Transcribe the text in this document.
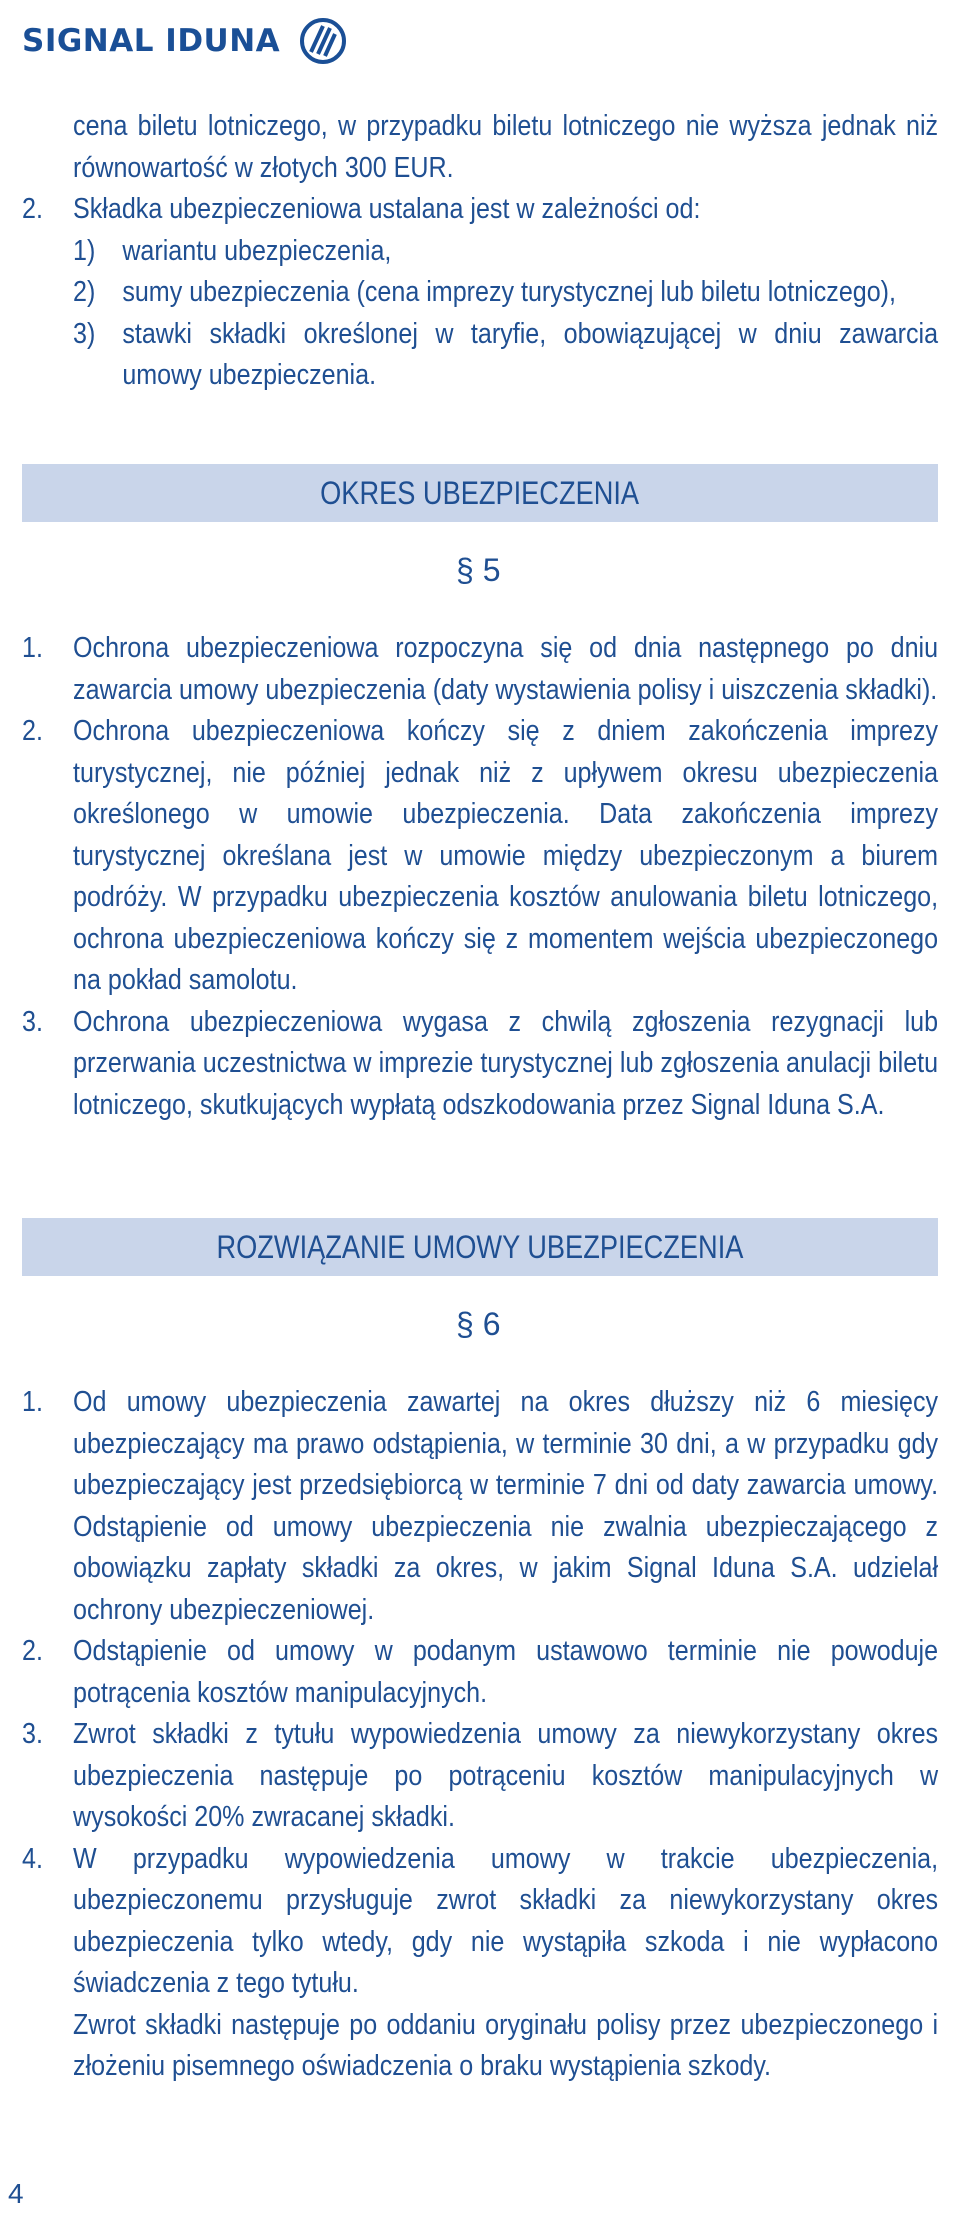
SIGNAL IDUNA
cena biletu lotniczego, w przypadku biletu lotniczego nie wyższa jednak niż równowartość w złotych 300 EUR.
2.	Składka ubezpieczeniowa ustalana jest w zależności od:
1) wariantu ubezpieczenia,
2) sumy ubezpieczenia (cena imprezy turystycznej lub biletu lotniczego),
3) stawki składki określonej w taryfie, obowiązującej w dniu zawarcia umowy ubezpieczenia.
OKRES UBEZPIECZENIA
§ 5
1.	Ochrona ubezpieczeniowa rozpoczyna się od dnia następnego po dniu zawarcia umowy ubezpieczenia (daty wystawienia polisy i uiszczenia składki).
2.	Ochrona ubezpieczeniowa kończy się z dniem zakończenia imprezy turystycznej, nie później jednak niż z upływem okresu ubezpieczenia określonego w umowie ubezpieczenia. Data zakończenia imprezy turystycznej określana jest w umowie między ubezpieczonym a biurem podróży. W przypadku ubezpieczenia kosztów anulowania biletu lotniczego, ochrona ubezpieczeniowa kończy się z momentem wejścia ubezpieczonego na pokład samolotu.
3.	Ochrona ubezpieczeniowa wygasa z chwilą zgłoszenia rezygnacji lub przerwania uczestnictwa w imprezie turystycznej lub zgłoszenia anulacji biletu lotniczego, skutkujących wypłatą odszkodowania przez Signal Iduna S.A.
ROZWIĄZANIE UMOWY UBEZPIECZENIA
§ 6
1.	Od umowy ubezpieczenia zawartej na okres dłuższy niż 6 miesięcy ubezpieczający ma prawo odstąpienia, w terminie 30 dni, a w przypadku gdy ubezpieczający jest przedsiębiorcą w terminie 7 dni od daty zawarcia umowy. Odstąpienie od umowy ubezpieczenia nie zwalnia ubezpieczającego z obowiązku zapłaty składki za okres, w jakim Signal Iduna S.A. udzielał ochrony ubezpieczeniowej.
2.	Odstąpienie od umowy w podanym ustawowo terminie nie powoduje potrącenia kosztów manipulacyjnych.
3.	Zwrot składki z tytułu wypowiedzenia umowy za niewykorzystany okres ubezpieczenia następuje po potrąceniu kosztów manipulacyjnych w wysokości 20% zwracanej składki.
4.	W przypadku wypowiedzenia umowy w trakcie ubezpieczenia, ubezpieczonemu przysługuje zwrot składki za niewykorzystany okres ubezpieczenia tylko wtedy, gdy nie wystąpiła szkoda i nie wypłacono świadczenia z tego tytułu.
Zwrot składki następuje po oddaniu oryginału polisy przez ubezpieczonego i złożeniu pisemnego oświadczenia o braku wystąpienia szkody.
4
